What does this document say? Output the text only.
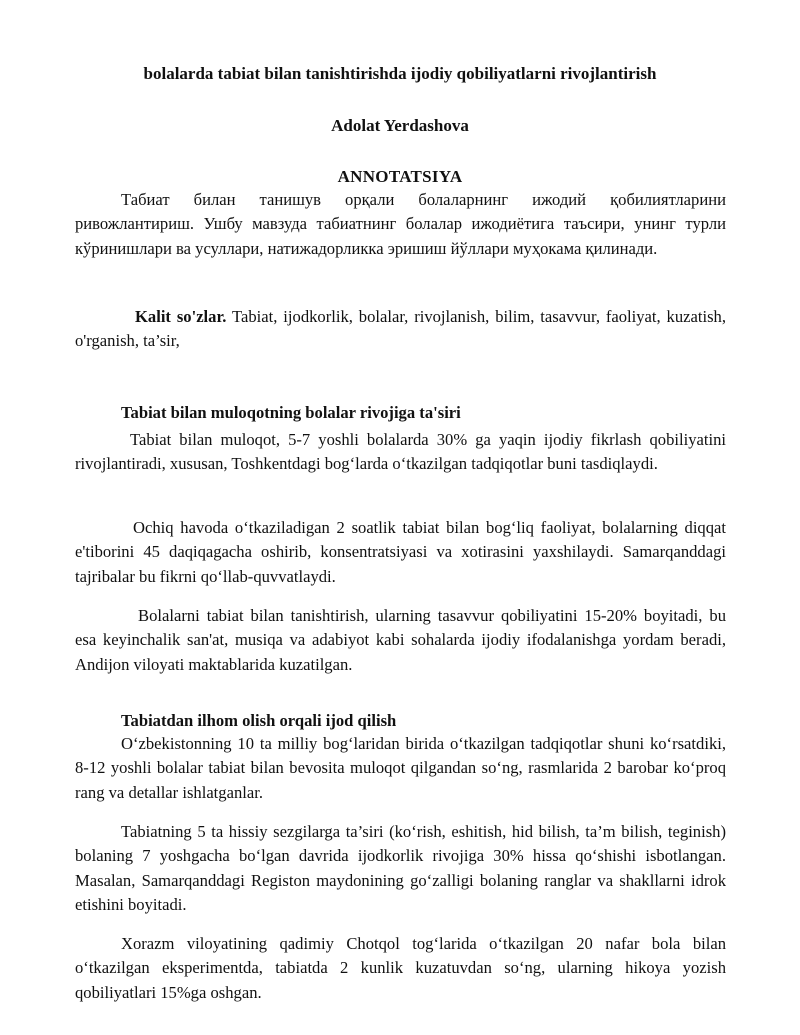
bolalarda tabiat bilan tanishtirishda ijodiy qobiliyatlarni rivojlantirish

Adolat Yerdashova

ANNOTATSIYA

Табиат билан танишув орқали болаларнинг ижодий қобилиятларини ривожлантириш. Ушбу мавзуда табиатнинг болалар ижодиётига таъсири, унинг турли кўринишлари ва усуллари, натижадорликка эришиш йўллари муҳокама қилинади.

Kalit so'zlar. Tabiat, ijodkorlik, bolalar, rivojlanish, bilim, tasavvur, faoliyat, kuzatish, o'rganish, ta’sir,

Tabiat bilan muloqotning bolalar rivojiga ta'siri

Tabiat bilan muloqot, 5-7 yoshli bolalarda 30% ga yaqin ijodiy fikrlash qobiliyatini rivojlantiradi, xususan, Toshkentdagi bog‘larda o‘tkazilgan tadqiqotlar buni tasdiqlaydi.

Ochiq havoda o‘tkaziladigan 2 soatlik tabiat bilan bog‘liq faoliyat, bolalarning diqqat e'tiborini 45 daqiqagacha oshirib, konsentratsiyasi va xotirasini yaxshilaydi. Samarqanddagi tajribalar bu fikrni qo‘llab-quvvatlaydi.

Bolalarni tabiat bilan tanishtirish, ularning tasavvur qobiliyatini 15-20% boyitadi, bu esa keyinchalik san'at, musiqa va adabiyot kabi sohalarda ijodiy ifodalanishga yordam beradi, Andijon viloyati maktablarida kuzatilgan.

Tabiatdan ilhom olish orqali ijod qilish

O‘zbekistonning 10 ta milliy bog‘laridan birida o‘tkazilgan tadqiqotlar shuni ko‘rsatdiki, 8-12 yoshli bolalar tabiat bilan bevosita muloqot qilgandan so‘ng, rasmlarida 2 barobar ko‘proq rang va detallar ishlatganlar.

Tabiatning 5 ta hissiy sezgilarga ta’siri (ko‘rish, eshitish, hid bilish, ta’m bilish, teginish) bolaning 7 yoshgacha bo‘lgan davrida ijodkorlik rivojiga 30% hissa qo‘shishi isbotlangan. Masalan, Samarqanddagi Registon maydonining go‘zalligi bolaning ranglar va shakllarni idrok etishini boyitadi.

Xorazm viloyatining qadimiy Chotqol tog‘larida o‘tkazilgan 20 nafar bola bilan o‘tkazilgan eksperimentda, tabiatda 2 kunlik kuzatuvdan so‘ng, ularning hikoya yozish qobiliyatlari 15%ga oshgan.
